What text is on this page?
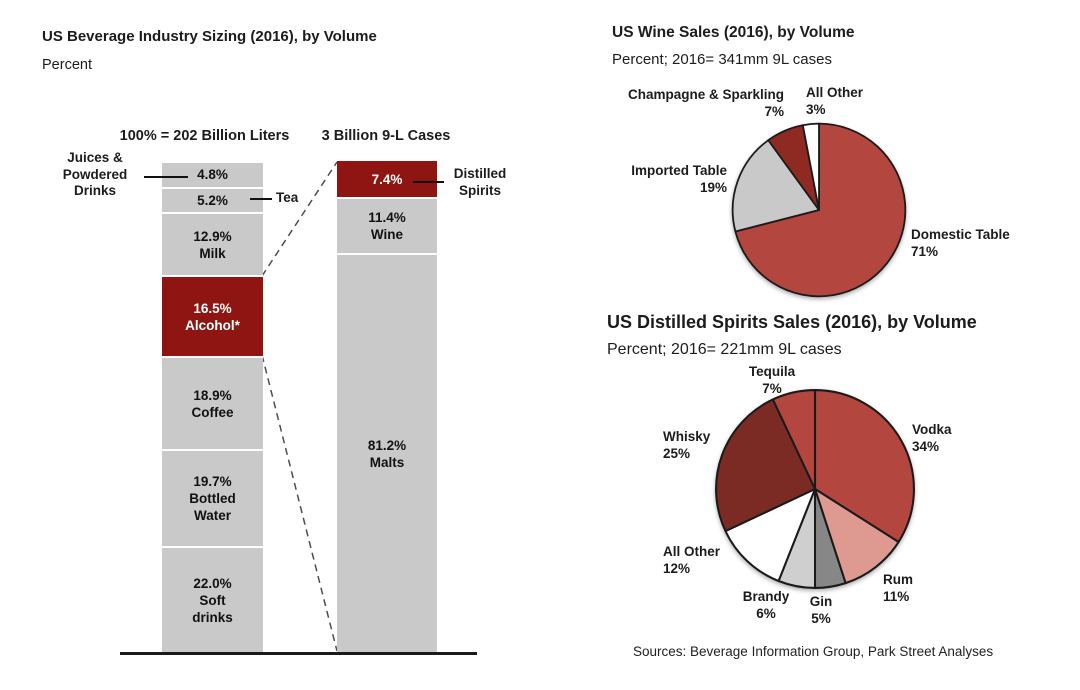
US Beverage Industry Sizing (2016), by Volume
Percent
100% = 202 Billion Liters	3 Billion 9-L Cases
4.8%
5.2%
12.9%
Milk
16.5%
Alcohol*
18.9%
Coffee
19.7%
Bottled
Water
22.0%
Soft
drinks
7.4%
11.4%
Wine
81.2%
Malts
Juices &
Powdered
Drinks	Tea
Distilled
Spirits
US Wine Sales (2016), by Volume
Percent; 2016= 341mm 9L cases
Champagne & Sparkling
7%
All Other
3%
Imported Table
19%
Domestic Table
71%
US Distilled Spirits Sales (2016), by Volume
Percent; 2016= 221mm 9L cases
Tequila
7%
Vodka
34%
Whisky
25%
All Other
12%
Brandy
6%
Gin
5%
Rum
11%
Sources: Beverage Information Group, Park Street Analyses
